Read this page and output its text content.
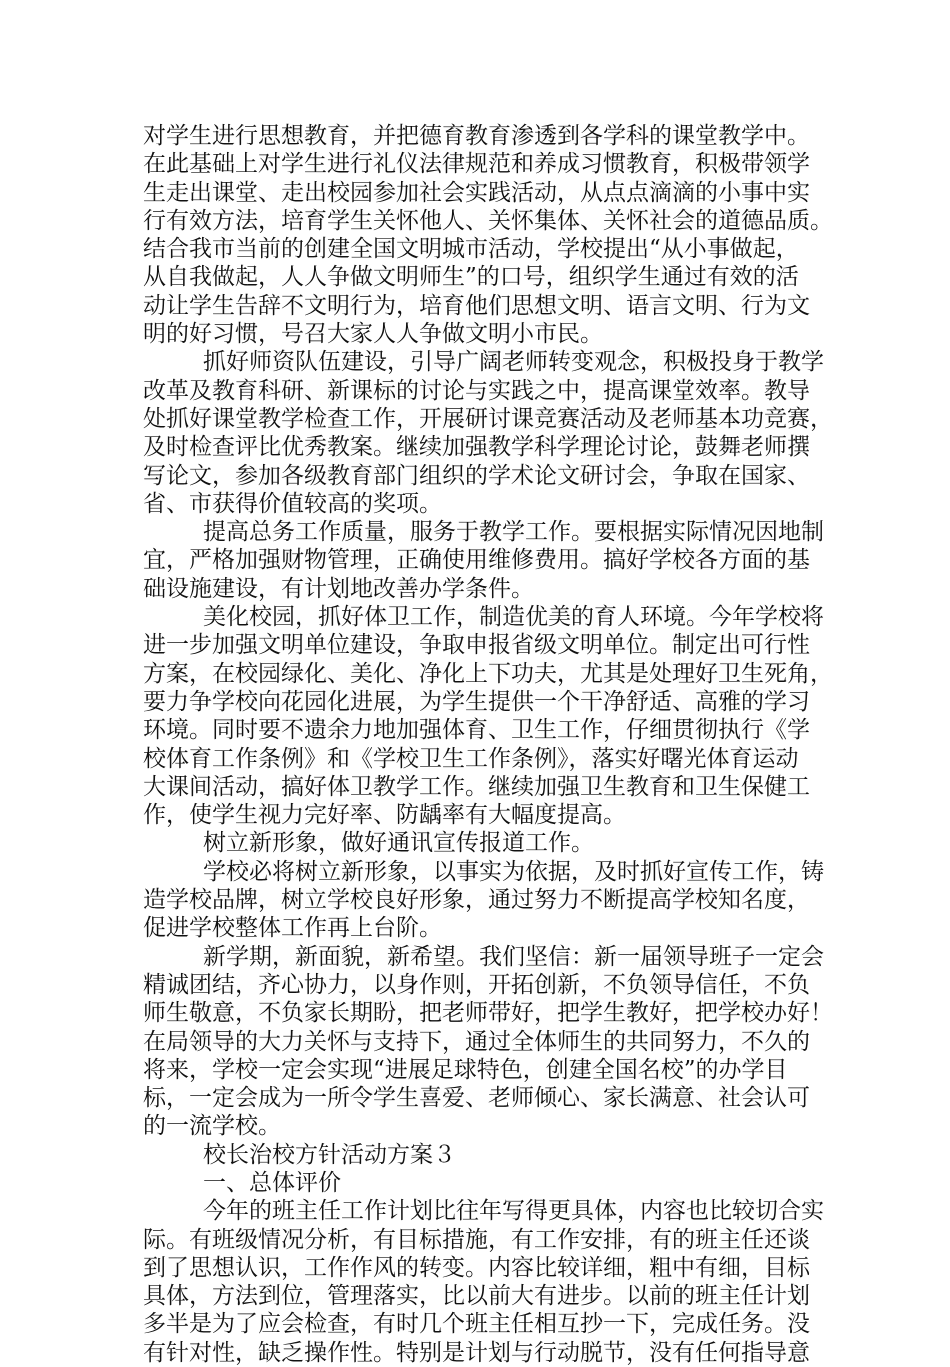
对学生进行思想教育，并把德育教育渗透到各学科的课堂教学中。
在此基础上对学生进行礼仪法律规范和养成习惯教育，积极带领学
生走出课堂、走出校园参加社会实践活动，从点点滴滴的小事中实
行有效方法，培育学生关怀他人、关怀集体、关怀社会的道德品质。
结合我市当前的创建全国文明城市活动，学校提出“从小事做起，
从自我做起，人人争做文明师生”的口号，组织学生通过有效的活
动让学生告辞不文明行为，培育他们思想文明、语言文明、行为文
明的好习惯，号召大家人人争做文明小市民。
抓好师资队伍建设，引导广阔老师转变观念，积极投身于教学
改革及教育科研、新课标的讨论与实践之中，提高课堂效率。教导
处抓好课堂教学检查工作，开展研讨课竞赛活动及老师基本功竞赛，
及时检查评比优秀教案。继续加强教学科学理论讨论，鼓舞老师撰
写论文，参加各级教育部门组织的学术论文研讨会，争取在国家、
省、市获得价值较高的奖项。
提高总务工作质量，服务于教学工作。要根据实际情况因地制
宜，严格加强财物管理，正确使用维修费用。搞好学校各方面的基
础设施建设，有计划地改善办学条件。
美化校园，抓好体卫工作，制造优美的育人环境。今年学校将
进一步加强文明单位建设，争取申报省级文明单位。制定出可行性
方案，在校园绿化、美化、净化上下功夫，尤其是处理好卫生死角，
要力争学校向花园化进展，为学生提供一个干净舒适、高雅的学习
环境。同时要不遗余力地加强体育、卫生工作，仔细贯彻执行《学
校体育工作条例》和《学校卫生工作条例》，落实好曙光体育运动
大课间活动，搞好体卫教学工作。继续加强卫生教育和卫生保健工
作，使学生视力完好率、防龋率有大幅度提高。
树立新形象，做好通讯宣传报道工作。
学校必将树立新形象，以事实为依据，及时抓好宣传工作，铸
造学校品牌，树立学校良好形象，通过努力不断提高学校知名度，
促进学校整体工作再上台阶。
新学期，新面貌，新希望。我们坚信：新一届领导班子一定会
精诚团结，齐心协力，以身作则，开拓创新，不负领导信任，不负
师生敬意，不负家长期盼，把老师带好，把学生教好，把学校办好！
在局领导的大力关怀与支持下，通过全体师生的共同努力，不久的
将来，学校一定会实现“进展足球特色，创建全国名校”的办学目
标，一定会成为一所令学生喜爱、老师倾心、家长满意、社会认可
的一流学校。
校长治校方针活动方案３
一、总体评价
今年的班主任工作计划比往年写得更具体，内容也比较切合实
际。有班级情况分析，有目标措施，有工作安排，有的班主任还谈
到了思想认识，工作作风的转变。内容比较详细，粗中有细，目标
具体，方法到位，管理落实，比以前大有进步。以前的班主任计划
多半是为了应会检查，有时几个班主任相互抄一下，完成任务。没
有针对性，缺乏操作性。特别是计划与行动脱节，没有任何指导意
